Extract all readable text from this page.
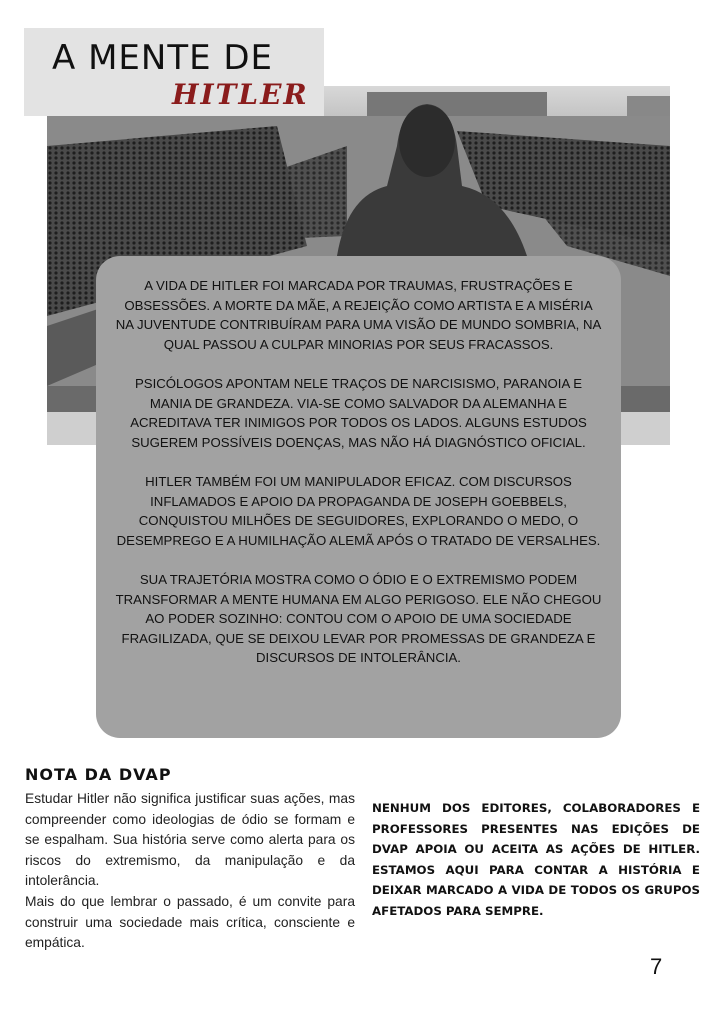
A MENTE DE
HITLER

A VIDA DE HITLER FOI MARCADA POR TRAUMAS, FRUSTRAÇÕES E OBSESSÕES. A MORTE DA MÃE, A REJEIÇÃO COMO ARTISTA E A MISÉRIA NA JUVENTUDE CONTRIBUÍRAM PARA UMA VISÃO DE MUNDO SOMBRIA, NA QUAL PASSOU A CULPAR MINORIAS POR SEUS FRACASSOS.

PSICÓLOGOS APONTAM NELE TRAÇOS DE NARCISISMO, PARANOIA E MANIA DE GRANDEZA. VIA-SE COMO SALVADOR DA ALEMANHA E ACREDITAVA TER INIMIGOS POR TODOS OS LADOS. ALGUNS ESTUDOS SUGEREM POSSÍVEIS DOENÇAS, MAS NÃO HÁ DIAGNÓSTICO OFICIAL.

HITLER TAMBÉM FOI UM MANIPULADOR EFICAZ. COM DISCURSOS INFLAMADOS E APOIO DA PROPAGANDA DE JOSEPH GOEBBELS, CONQUISTOU MILHÕES DE SEGUIDORES, EXPLORANDO O MEDO, O DESEMPREGO E A HUMILHAÇÃO ALEMÃ APÓS O TRATADO DE VERSALHES.

SUA TRAJETÓRIA MOSTRA COMO O ÓDIO E O EXTREMISMO PODEM TRANSFORMAR A MENTE HUMANA EM ALGO PERIGOSO. ELE NÃO CHEGOU AO PODER SOZINHO: CONTOU COM O APOIO DE UMA SOCIEDADE FRAGILIZADA, QUE SE DEIXOU LEVAR POR PROMESSAS DE GRANDEZA E DISCURSOS DE INTOLERÂNCIA.

NOTA DA DVAP

Estudar Hitler não significa justificar suas ações, mas compreender como ideologias de ódio se formam e se espalham. Sua história serve como alerta para os riscos do extremismo, da manipulação e da intolerância.

Mais do que lembrar o passado, é um convite para construir uma sociedade mais crítica, consciente e empática.

NENHUM DOS EDITORES, COLABORADORES E PROFESSORES PRESENTES NAS EDIÇÕES DE DVAP APOIA OU ACEITA AS AÇÕES DE HITLER. ESTAMOS AQUI PARA CONTAR A HISTÓRIA E DEIXAR MARCADO A VIDA DE TODOS OS GRUPOS AFETADOS PARA SEMPRE.
7
